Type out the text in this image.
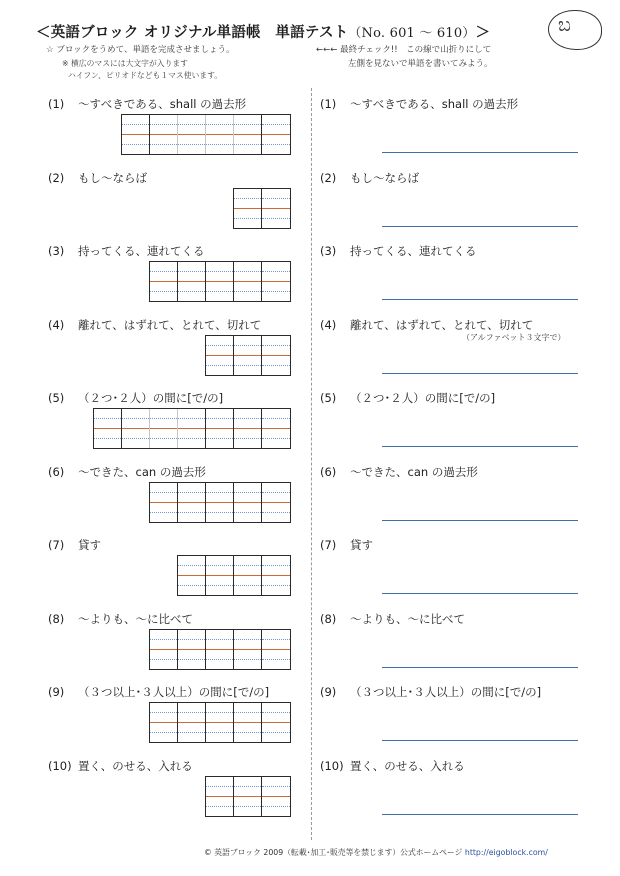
＜英語ブロック オリジナル単語帳　単語テスト（No. 601 ～ 610）＞	ಬ
☆ ブロックをうめて、単語を完成させましょう。
※ 横広のマスには大文字が入ります
ハイフン、ピリオドなども１マス使います。
←←← 最終チェック!!　この線で山折りにして
左側を見ないで単語を書いてみよう。
(1) ～すべきである、shall の過去形	(1) ～すべきである、shall の過去形
(2) もし～ならば	(2) もし～ならば
(3) 持ってくる、連れてくる	(3) 持ってくる、連れてくる
(4) 離れて、はずれて、とれて、切れて	(4) 離れて、はずれて、とれて、切れて
（アルファベット３文字で）
(5) （２つ･２人）の間に[で/の]	(5) （２つ･２人）の間に[で/の]
(6) ～できた、can の過去形	(6) ～できた、can の過去形
(7) 貸す	(7) 貸す
(8) ～よりも、～に比べて	(8) ～よりも、～に比べて
(9) （３つ以上･３人以上）の間に[で/の]	(9) （３つ以上･３人以上）の間に[で/の]
(10) 置く、のせる、入れる	(10) 置く、のせる、入れる
© 英語ブロック 2009（転載･加工･販売等を禁じます）公式ホームページ http://eigoblock.com/
